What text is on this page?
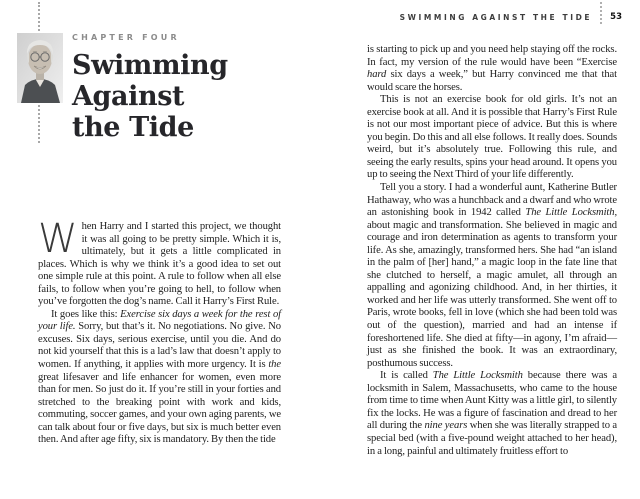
CHAPTER FOUR
Swimming
Against
the Tide

When Harry and I started this project, we thought it was all going to be pretty simple. Which it is, ultimately, but it gets a little complicated in places. Which is why we think it’s a good idea to set out one simple rule at this point. A rule to follow when all else fails, to follow when you’re going to hell, to follow when you’ve forgotten the dog’s name. Call it Harry’s First Rule.

It goes like this: Exercise six days a week for the rest of your life. Sorry, but that’s it. No negotiations. No give. No excuses. Six days, serious exercise, until you die. And do not kid yourself that this is a lad’s law that doesn’t apply to women. If anything, it applies with more urgency. It is the great lifesaver and life enhancer for women, even more than for men. So just do it. If you’re still in your forties and stretched to the breaking point with work and kids, commuting, soccer games, and your own aging parents, we can talk about four or five days, but six is much better even then. And after age fifty, six is mandatory. By then the tide

SWIMMING AGAINST THE TIDE 53

is starting to pick up and you need help staying off the rocks. In fact, my version of the rule would have been “Exercise hard six days a week,” but Harry convinced me that that would scare the horses.

This is not an exercise book for old girls. It’s not an exercise book at all. And it is possible that Harry’s First Rule is not our most important piece of advice. But this is where you begin. Do this and all else follows. It really does. Sounds weird, but it’s absolutely true. Following this rule, and seeing the early results, spins your head around. It opens you up to seeing the Next Third of your life differently.

Tell you a story. I had a wonderful aunt, Katherine Butler Hathaway, who was a hunchback and a dwarf and who wrote an astonishing book in 1942 called The Little Locksmith, about magic and transformation. She believed in magic and courage and iron determination as agents to transform your life. As she, amazingly, transformed hers. She had “an island in the palm of [her] hand,” a magic loop in the fate line that she clutched to herself, a magic amulet, all through an appalling and agonizing childhood. And, in her thirties, it worked and her life was utterly transformed. She went off to Paris, wrote books, fell in love (which she had been told was out of the question), married and had an intense if foreshortened life. She died at fifty—in agony, I’m afraid—just as she finished the book. It was an extraordinary, posthumous success.

It is called The Little Locksmith because there was a locksmith in Salem, Massachusetts, who came to the house from time to time when Aunt Kitty was a little girl, to silently fix the locks. He was a figure of fascination and dread to her all during the nine years when she was literally strapped to a special bed (with a five-pound weight attached to her head), in a long, painful and ultimately fruitless effort to
